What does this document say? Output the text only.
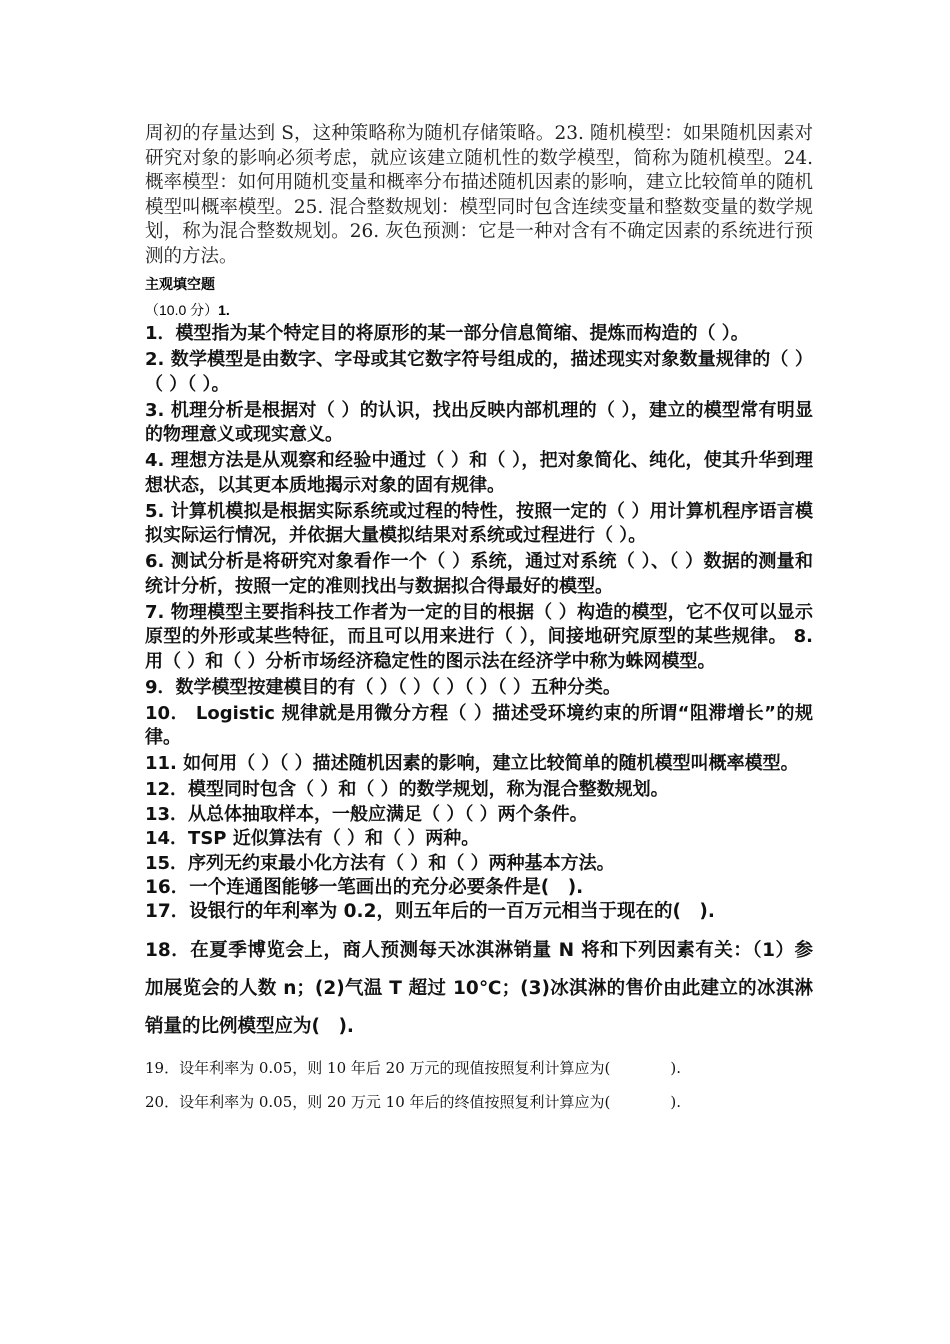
周初的存量达到 S，这种策略称为随机存储策略。23. 随机模型：如果随机因素对研究对象的影响必须考虑，就应该建立随机性的数学模型，简称为随机模型。24. 概率模型：如何用随机变量和概率分布描述随机因素的影响，建立比较简单的随机模型叫概率模型。25. 混合整数规划：模型同时包含连续变量和整数变量的数学规划，称为混合整数规划。26. 灰色预测：它是一种对含有不确定因素的系统进行预测的方法。

主观填空题

（10.0 分）1.

1．模型指为某个特定目的将原形的某一部分信息简缩、提炼而构造的（ ）。

2. 数学模型是由数字、字母或其它数字符号组成的，描述现实对象数量规律的（ ）（ ）（ ）。

3. 机理分析是根据对（ ）的认识，找出反映内部机理的（ ），建立的模型常有明显的物理意义或现实意义。

4. 理想方法是从观察和经验中通过（ ）和（ ），把对象简化、纯化，使其升华到理想状态，以其更本质地揭示对象的固有规律。

5. 计算机模拟是根据实际系统或过程的特性，按照一定的（ ）用计算机程序语言模拟实际运行情况，并依据大量模拟结果对系统或过程进行（ ）。

6. 测试分析是将研究对象看作一个（ ）系统，通过对系统（ ）、（ ）数据的测量和统计分析，按照一定的准则找出与数据拟合得最好的模型。

7. 物理模型主要指科技工作者为一定的目的根据（ ）构造的模型，它不仅可以显示原型的外形或某些特征，而且可以用来进行（ ），间接地研究原型的某些规律。 8. 用（ ）和（ ）分析市场经济稳定性的图示法在经济学中称为蛛网模型。

9．数学模型按建模目的有（ ）（ ）（ ）（ ）（ ）五种分类。

10． Logistic 规律就是用微分方程（ ）描述受环境约束的所谓“阻滞增长”的规律。

11. 如何用（ ）（ ）描述随机因素的影响，建立比较简单的随机模型叫概率模型。

12．模型同时包含（ ）和（ ）的数学规划，称为混合整数规划。

13．从总体抽取样本，一般应满足（ ）（ ）两个条件。

14．TSP 近似算法有（ ）和（ ）两种。

15．序列无约束最小化方法有（ ）和（ ）两种基本方法。

16．一个连通图能够一笔画出的充分必要条件是(　).

17．设银行的年利率为 0.2，则五年后的一百万元相当于现在的(　).

18．在夏季博览会上，商人预测每天冰淇淋销量 N 将和下列因素有关：（1）参加展览会的人数 n；(2)气温 T 超过 10℃；(3)冰淇淋的售价由此建立的冰淇淋销量的比例模型应为(　).

19．设年利率为 0.05，则 10 年后 20 万元的现值按照复利计算应为(　　　　).

20．设年利率为 0.05，则 20 万元 10 年后的终值按照复利计算应为(　　　　).
